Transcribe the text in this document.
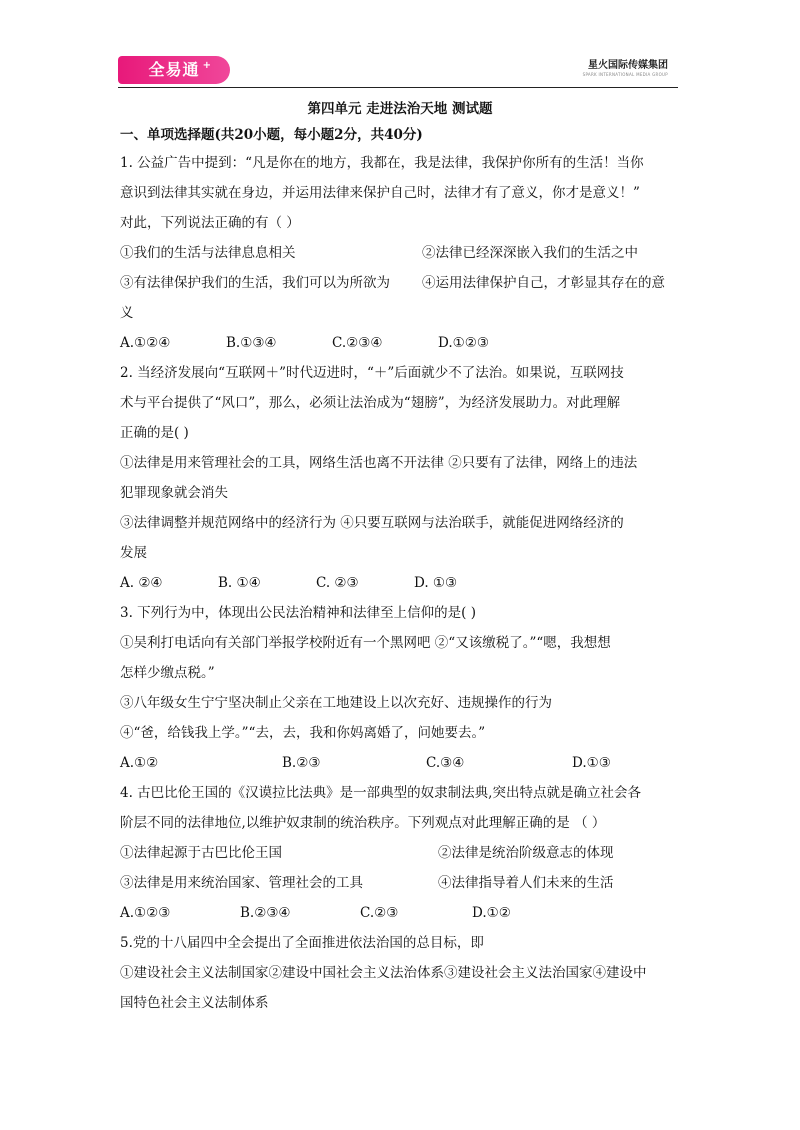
全易通 +	星火国际传媒集团
SPARK INTERNATIONAL MEDIA GROUP
第四单元 走进法治天地 测试题
一、单项选择题(共20小题，每小题2分，共40分)
1. 公益广告中提到：“凡是你在的地方，我都在，我是法律，我保护你所有的生活！当你
意识到法律其实就在身边，并运用法律来保护自己时，法律才有了意义，你才是意义！”
对此，下列说法正确的有（ ）
①我们的生活与法律息息相关	②法律已经深深嵌入我们的生活之中
③有法律保护我们的生活，我们可以为所欲为 ④运用法律保护自己，才彰显其存在的意
义
A.①②④	B.①③④	C.②③④	D.①②③
2. 当经济发展向“互联网＋”时代迈进时，“＋”后面就少不了法治。如果说，互联网技
术与平台提供了“风口”，那么，必须让法治成为“翅膀”，为经济发展助力。对此理解
正确的是( )
①法律是用来管理社会的工具，网络生活也离不开法律 ②只要有了法律，网络上的违法
犯罪现象就会消失
③法律调整并规范网络中的经济行为 ④只要互联网与法治联手，就能促进网络经济的
发展
A. ②④	B. ①④	C. ②③	D. ①③
3. 下列行为中，体现出公民法治精神和法律至上信仰的是( )
①吴利打电话向有关部门举报学校附近有一个黑网吧 ②“又该缴税了。”“嗯，我想想
怎样少缴点税。”
③八年级女生宁宁坚决制止父亲在工地建设上以次充好、违规操作的行为
④“爸，给钱我上学。”“去，去，我和你妈离婚了，问她要去。”
A.①②	B.②③	C.③④	D.①③
4. 古巴比伦王国的《汉谟拉比法典》是一部典型的奴隶制法典,突出特点就是确立社会各
阶层不同的法律地位,以维护奴隶制的统治秩序。下列观点对此理解正确的是 （ ）
①法律起源于古巴比伦王国	②法律是统治阶级意志的体现
③法律是用来统治国家、管理社会的工具	④法律指导着人们未来的生活
A.①②③	B.②③④	C.②③	D.①②
5.党的十八届四中全会提出了全面推进依法治国的总目标，即
①建设社会主义法制国家②建设中国社会主义法治体系③建设社会主义法治国家④建设中
国特色社会主义法制体系
